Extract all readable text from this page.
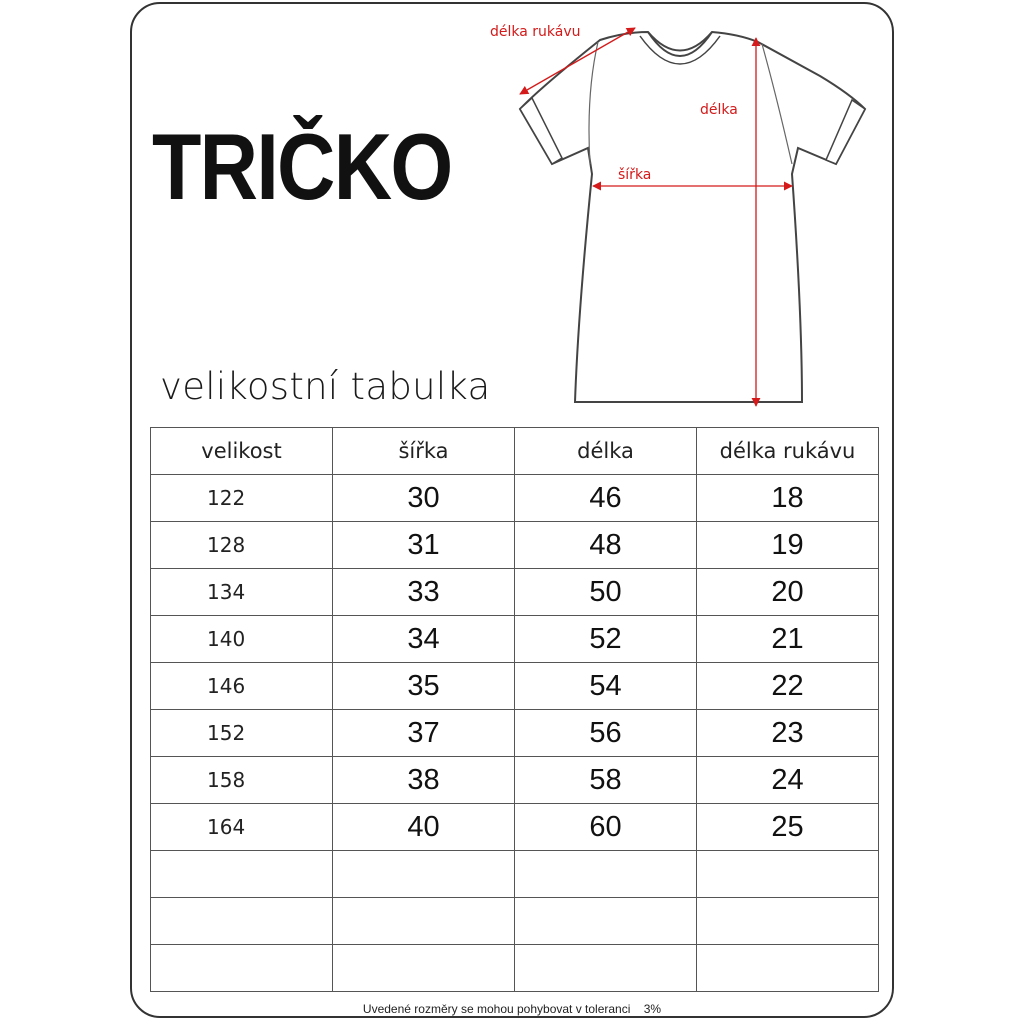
TRIČKO
délka rukávu
šířka
délka
velikostní tabulka
velikost	šířka	délka	délka rukávu
122	30	46	18
128	31	48	19
134	33	50	20
140	34	52	21
146	35	54	22
152	37	56	23
158	38	58	24
164	40	60	25

Uvedené rozměry se mohou pohybovat v toleranci    3%
